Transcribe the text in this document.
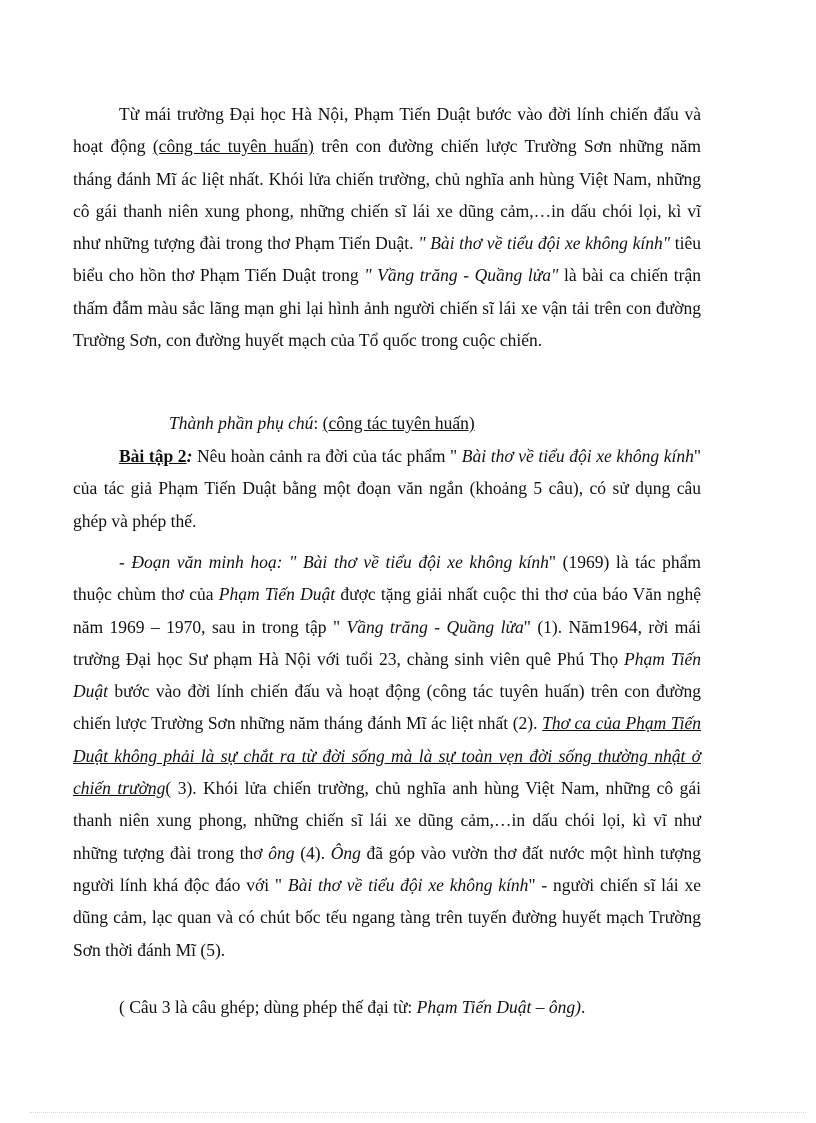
Từ mái trường Đại học Hà Nội, Phạm Tiến Duật bước vào đời lính chiến đấu và hoạt động (công tác tuyên huấn) trên con đường chiến lược Trường Sơn những năm tháng đánh Mĩ ác liệt nhất. Khói lửa chiến trường, chủ nghĩa anh hùng Việt Nam, những cô gái thanh niên xung phong, những chiến sĩ lái xe dũng cảm,…in dấu chói lọi, kì vĩ như những tượng đài trong thơ Phạm Tiến Duật. " Bài thơ về tiểu đội xe không kính" tiêu biểu cho hồn thơ Phạm Tiến Duật trong " Vầng trăng - Quầng lửa" là bài ca chiến trận thấm đẫm màu sắc lãng mạn ghi lại hình ảnh người chiến sĩ lái xe vận tải trên con đường Trường Sơn, con đường huyết mạch của Tổ quốc trong cuộc chiến.

Thành phần phụ chú: (công tác tuyên huấn)

Bài tập 2: Nêu hoàn cảnh ra đời của tác phẩm " Bài thơ về tiểu đội xe không kính" của tác giả Phạm Tiến Duật bằng một đoạn văn ngắn (khoảng 5 câu), có sử dụng câu ghép và phép thế.

- Đoạn văn minh hoạ: " Bài thơ về tiểu đội xe không kính" (1969) là tác phẩm thuộc chùm thơ của Phạm Tiến Duật được tặng giải nhất cuộc thi thơ của báo Văn nghệ năm 1969 – 1970, sau in trong tập " Vầng trăng - Quầng lửa" (1). Năm1964, rời mái trường Đại học Sư phạm Hà Nội với tuổi 23, chàng sinh viên quê Phú Thọ Phạm Tiến Duật bước vào đời lính chiến đấu và hoạt động (công tác tuyên huấn) trên con đường chiến lược Trường Sơn những năm tháng đánh Mĩ ác liệt nhất (2). Thơ ca của Phạm Tiến Duật không phải là sự chắt ra từ đời sống mà là sự toàn vẹn đời sống thường nhật ở chiến trường( 3). Khói lửa chiến trường, chủ nghĩa anh hùng Việt Nam, những cô gái thanh niên xung phong, những chiến sĩ lái xe dũng cảm,…in dấu chói lọi, kì vĩ như những tượng đài trong thơ ông (4). Ông đã góp vào vườn thơ đất nước một hình tượng người lính khá độc đáo với " Bài thơ về tiểu đội xe không kính" - người chiến sĩ lái xe dũng cảm, lạc quan và có chút bốc tếu ngang tàng trên tuyến đường huyết mạch Trường Sơn thời đánh Mĩ (5).

( Câu 3 là câu ghép; dùng phép thế đại từ: Phạm Tiến Duật – ông).
